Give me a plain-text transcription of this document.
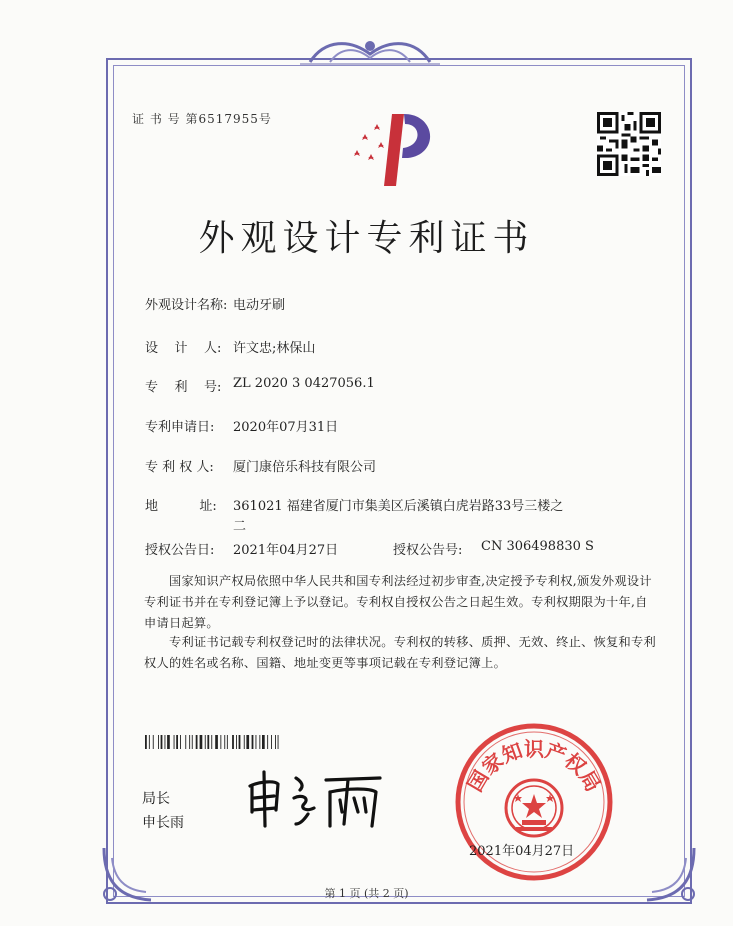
证 书 号 第6517955号
外观设计专利证书
外观设计名称: 电动牙刷
设    计    人: 许文忠;林保山
专    利    号: ZL 2020 3 0427056.1
专利申请日: 2020年07月31日
专 利 权 人: 厦门康倍乐科技有限公司
地          址: 361021 福建省厦门市集美区后溪镇白虎岩路33号三楼之
二
授权公告日: 2021年04月27日	授权公告号: CN 306498830 S
国家知识产权局依照中华人民共和国专利法经过初步审查,决定授予专利权,颁发外观设计专利证书并在专利登记簿上予以登记。专利权自授权公告之日起生效。专利权期限为十年,自申请日起算。
专利证书记载专利权登记时的法律状况。专利权的转移、质押、无效、终止、恢复和专利权人的姓名或名称、国籍、地址变更等事项记载在专利登记簿上。
局长
申长雨
国家知识产权局
2021年04月27日
第 1 页 (共 2 页)
